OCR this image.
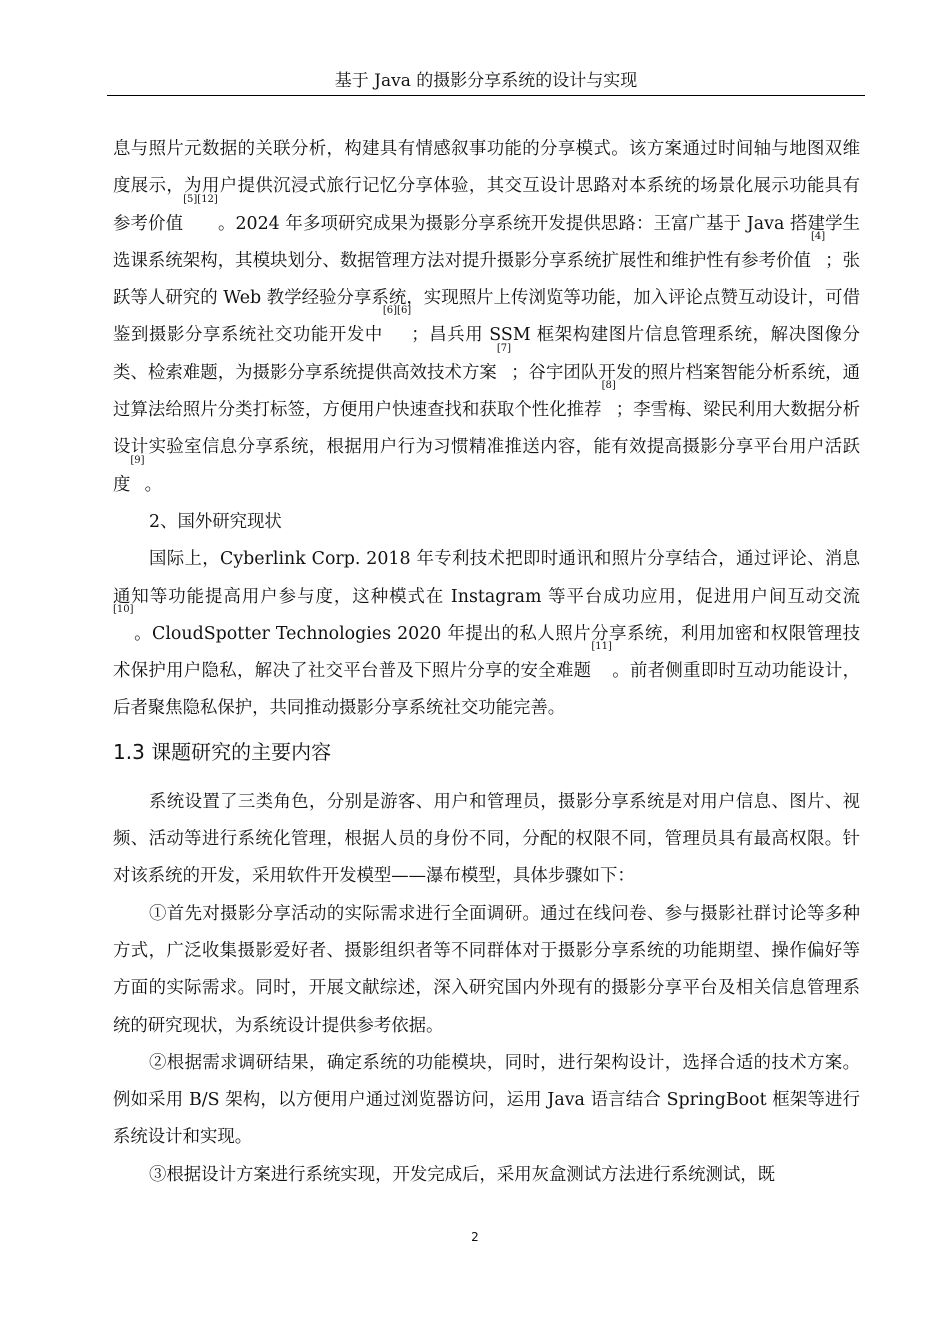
基于 Java 的摄影分享系统的设计与实现

息与照片元数据的关联分析，构建具有情感叙事功能的分享模式。该方案通过时间轴与地图双维度展示，为用户提供沉浸式旅行记忆分享体验，其交互设计思路对本系统的场景化展示功能具有参考价值[5][12]。2024 年多项研究成果为摄影分享系统开发提供思路：王富广基于 Java 搭建学生选课系统架构，其模块划分、数据管理方法对提升摄影分享系统扩展性和维护性有参考价值[4]；张跃等人研究的 Web 教学经验分享系统，实现照片上传浏览等功能，加入评论点赞互动设计，可借鉴到摄影分享系统社交功能开发中[6][6]；昌兵用 SSM 框架构建图片信息管理系统，解决图像分类、检索难题，为摄影分享系统提供高效技术方案[7]；谷宇团队开发的照片档案智能分析系统，通过算法给照片分类打标签，方便用户快速查找和获取个性化推荐[8]；李雪梅、梁民利用大数据分析设计实验室信息分享系统，根据用户行为习惯精准推送内容，能有效提高摄影分享平台用户活跃度[9]。

2、国外研究现状

国际上，Cyberlink Corp. 2018 年专利技术把即时通讯和照片分享结合，通过评论、消息通知等功能提高用户参与度，这种模式在 Instagram 等平台成功应用，促进用户间互动交流[10]。CloudSpotter Technologies 2020 年提出的私人照片分享系统，利用加密和权限管理技术保护用户隐私，解决了社交平台普及下照片分享的安全难题[11]。前者侧重即时互动功能设计，后者聚焦隐私保护，共同推动摄影分享系统社交功能完善。

1.3 课题研究的主要内容

系统设置了三类角色，分别是游客、用户和管理员，摄影分享系统是对用户信息、图片、视频、活动等进行系统化管理，根据人员的身份不同，分配的权限不同，管理员具有最高权限。针对该系统的开发，采用软件开发模型——瀑布模型，具体步骤如下：

①首先对摄影分享活动的实际需求进行全面调研。通过在线问卷、参与摄影社群讨论等多种方式，广泛收集摄影爱好者、摄影组织者等不同群体对于摄影分享系统的功能期望、操作偏好等方面的实际需求。同时，开展文献综述，深入研究国内外现有的摄影分享平台及相关信息管理系统的研究现状，为系统设计提供参考依据。

②根据需求调研结果，确定系统的功能模块，同时，进行架构设计，选择合适的技术方案。例如采用 B/S 架构，以方便用户通过浏览器访问，运用 Java 语言结合 SpringBoot 框架等进行系统设计和实现。

③根据设计方案进行系统实现，开发完成后，采用灰盒测试方法进行系统测试，既

2
